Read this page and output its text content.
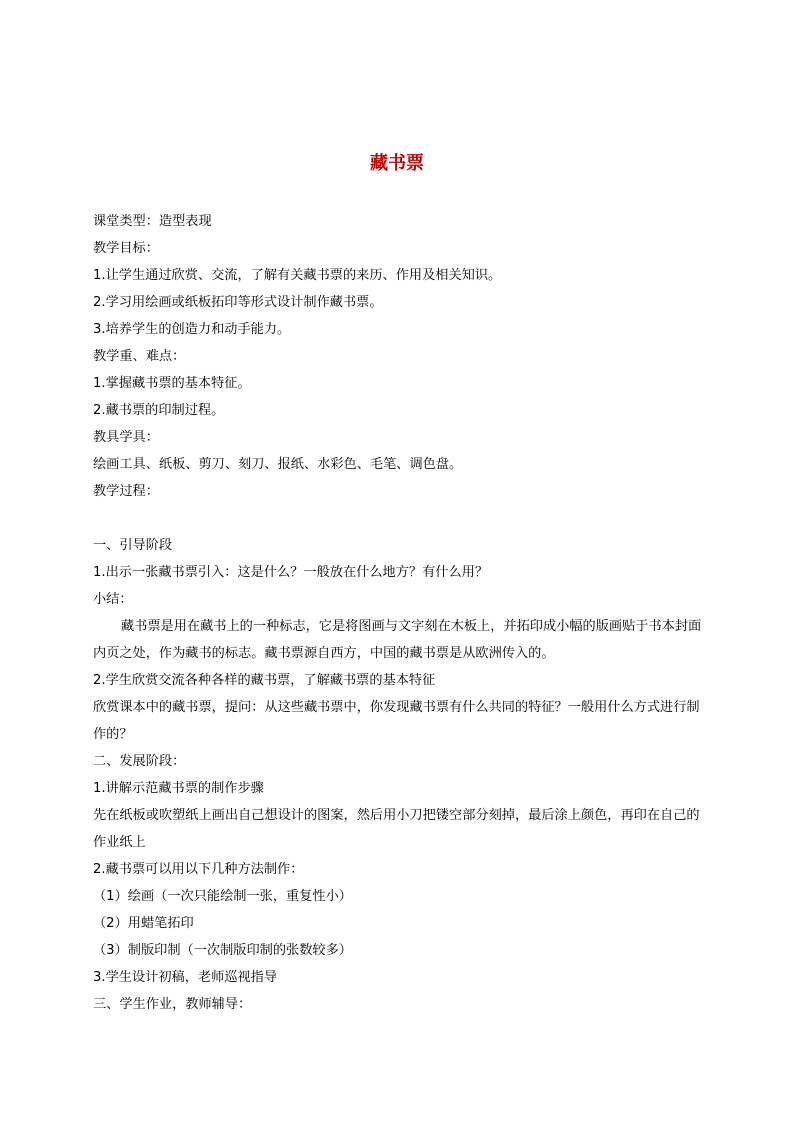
藏书票
课堂类型：造型表现
教学目标：
1.让学生通过欣赏、交流，了解有关藏书票的来历、作用及相关知识。
2.学习用绘画或纸板拓印等形式设计制作藏书票。
3.培养学生的创造力和动手能力。
教学重、难点：
1.掌握藏书票的基本特征。
2.藏书票的印制过程。
教具学具：
绘画工具、纸板、剪刀、刻刀、报纸、水彩色、毛笔、调色盘。
教学过程：
一、引导阶段
1.出示一张藏书票引入：这是什么？一般放在什么地方？有什么用？
小结：
藏书票是用在藏书上的一种标志，它是将图画与文字刻在木板上，并拓印成小幅的版画贴于书本封面内页之处，作为藏书的标志。藏书票源自西方，中国的藏书票是从欧洲传入的。
2.学生欣赏交流各种各样的藏书票，了解藏书票的基本特征
欣赏课本中的藏书票，提问：从这些藏书票中，你发现藏书票有什么共同的特征？一般用什么方式进行制作的？
二、发展阶段：
1.讲解示范藏书票的制作步骤
先在纸板或吹塑纸上画出自己想设计的图案，然后用小刀把镂空部分刻掉，最后涂上颜色，再印在自己的作业纸上
2.藏书票可以用以下几种方法制作：
（1）绘画（一次只能绘制一张，重复性小）
（2）用蜡笔拓印
（3）制版印制（一次制版印制的张数较多）
3.学生设计初稿，老师巡视指导
三、学生作业，教师辅导：
